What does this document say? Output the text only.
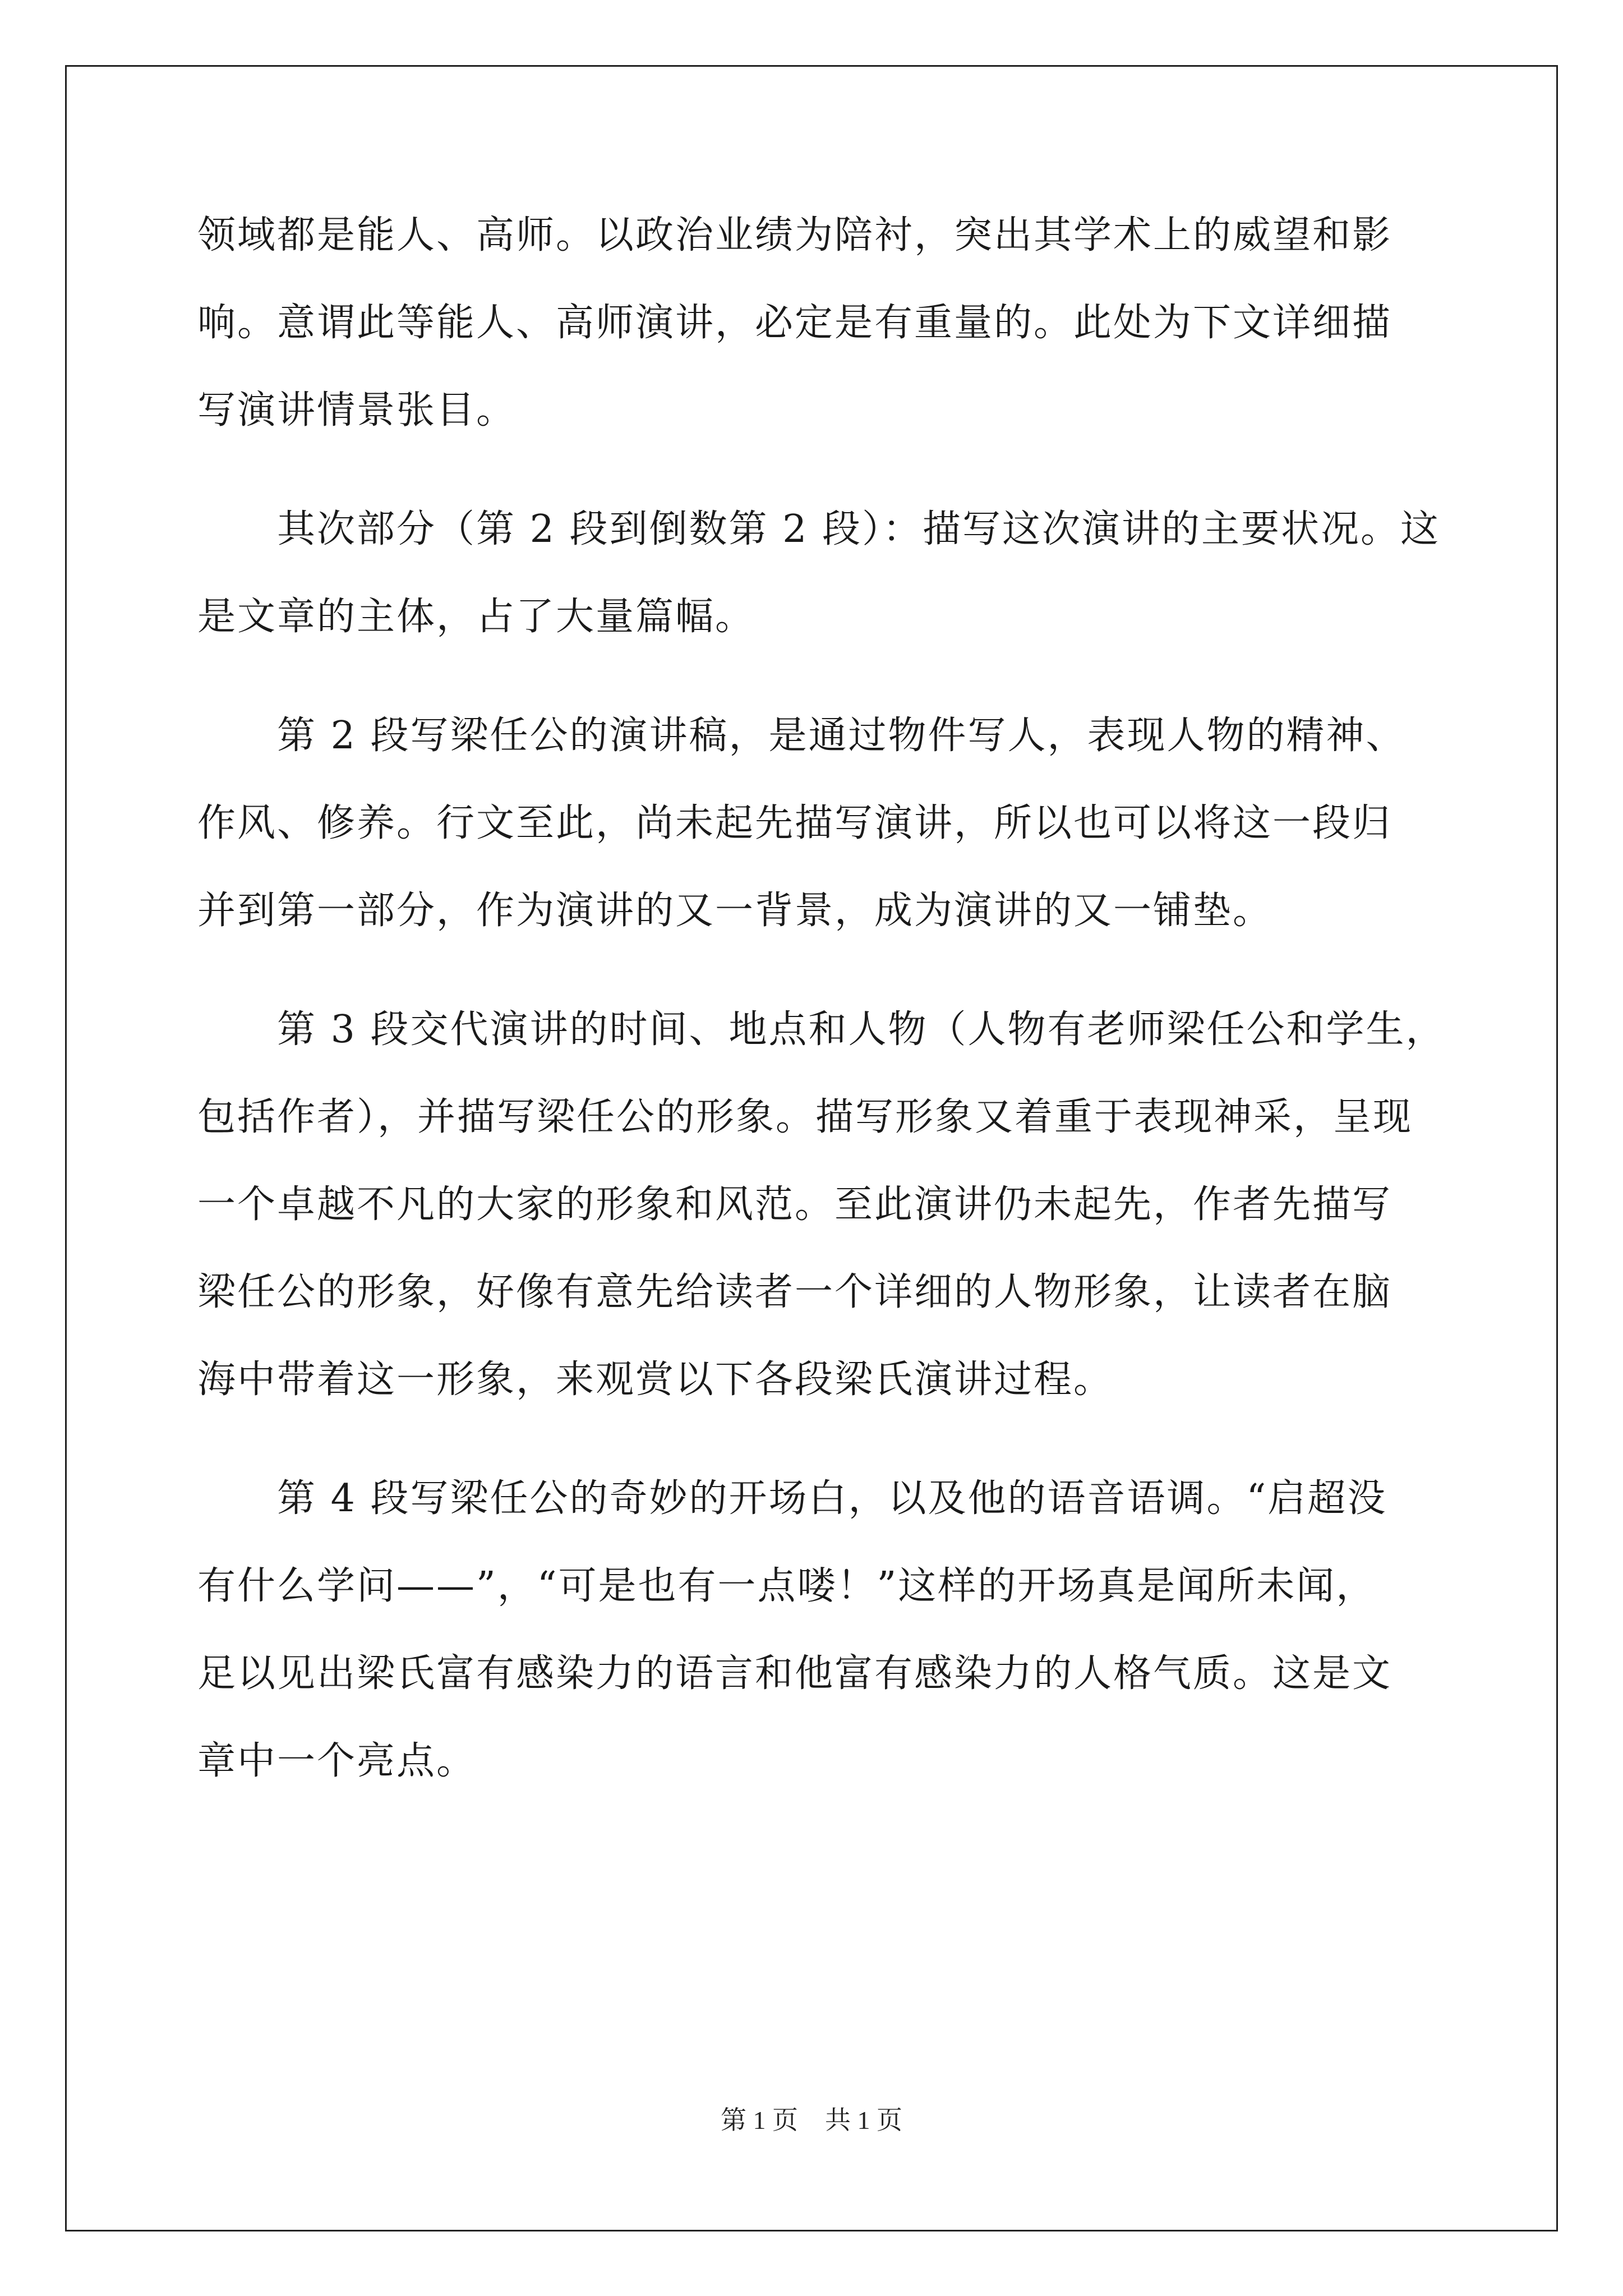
领域都是能人、高师。以政治业绩为陪衬，突出其学术上的威望和影
响。意谓此等能人、高师演讲，必定是有重量的。此处为下文详细描
写演讲情景张目。
　　其次部分（第 2 段到倒数第 2 段）：描写这次演讲的主要状况。这
是文章的主体，占了大量篇幅。
　　第 2 段写梁任公的演讲稿，是通过物件写人，表现人物的精神、
作风、修养。行文至此，尚未起先描写演讲，所以也可以将这一段归
并到第一部分，作为演讲的又一背景，成为演讲的又一铺垫。
　　第 3 段交代演讲的时间、地点和人物（人物有老师梁任公和学生，
包括作者），并描写梁任公的形象。描写形象又着重于表现神采，呈现
一个卓越不凡的大家的形象和风范。至此演讲仍未起先，作者先描写
梁任公的形象，好像有意先给读者一个详细的人物形象，让读者在脑
海中带着这一形象，来观赏以下各段梁氏演讲过程。
　　第 4 段写梁任公的奇妙的开场白，以及他的语音语调。“启超没
有什么学问——”，“可是也有一点喽！”这样的开场真是闻所未闻，
足以见出梁氏富有感染力的语言和他富有感染力的人格气质。这是文
章中一个亮点。
第 1 页 共 1 页
